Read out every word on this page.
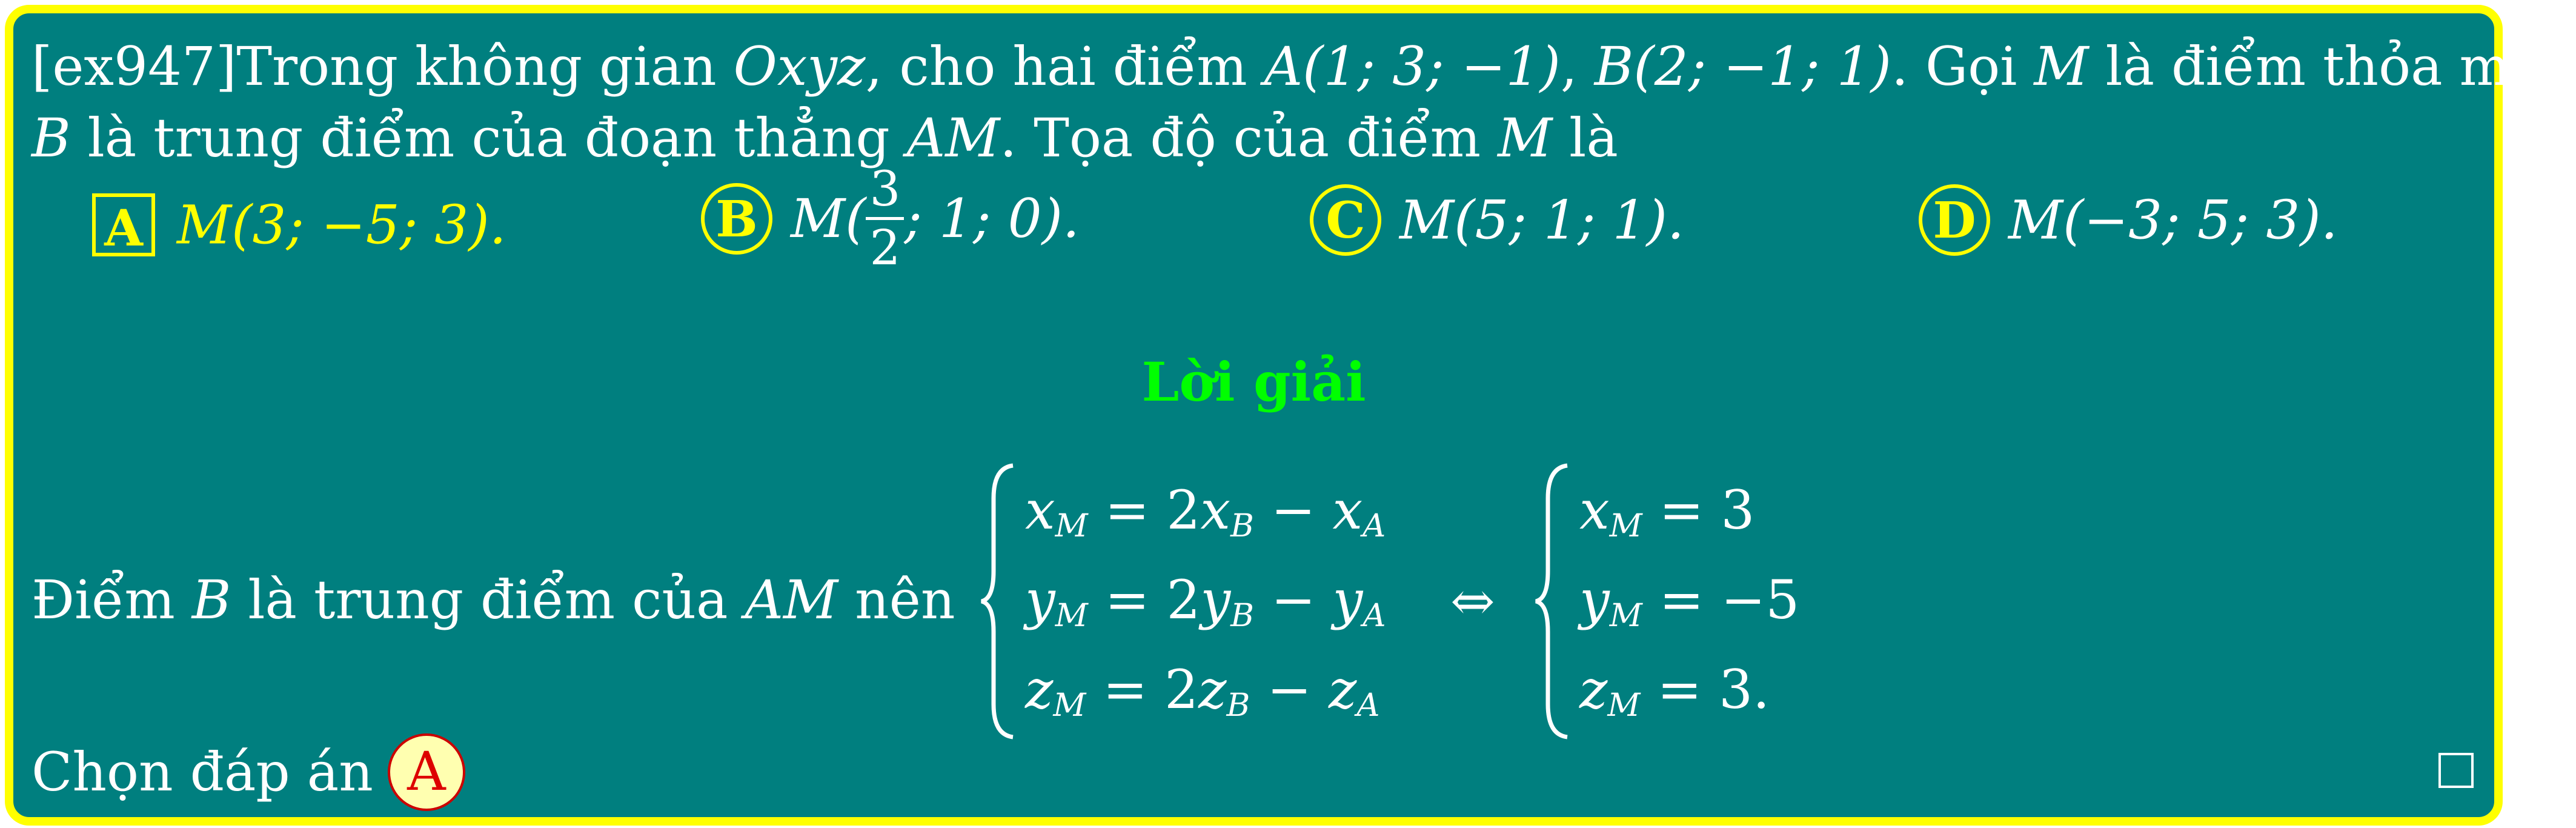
[ex947]Trong không gian Oxyz, cho hai điểm A(1; 3; −1), B(2; −1; 1). Gọi M là điểm thỏa mãn
B là trung điểm của đoạn thẳng AM. Tọa độ của điểm M là
A M(3; −5; 3).	B $M( \frac{3}{2}$ ; 1; 0).	C M(5; 1; 1).	D M(−3; 5; 3).
Lời giải
Điểm B là trung điểm của AM nên
$x_M = 2x_B - x_A$
$y_M = 2y_B - y_A$
$z_M = 2z_B - z_A$
⇔
$x_M = 3$
$y_M = -5$
$z_M = 3$.
Chọn đáp án A
